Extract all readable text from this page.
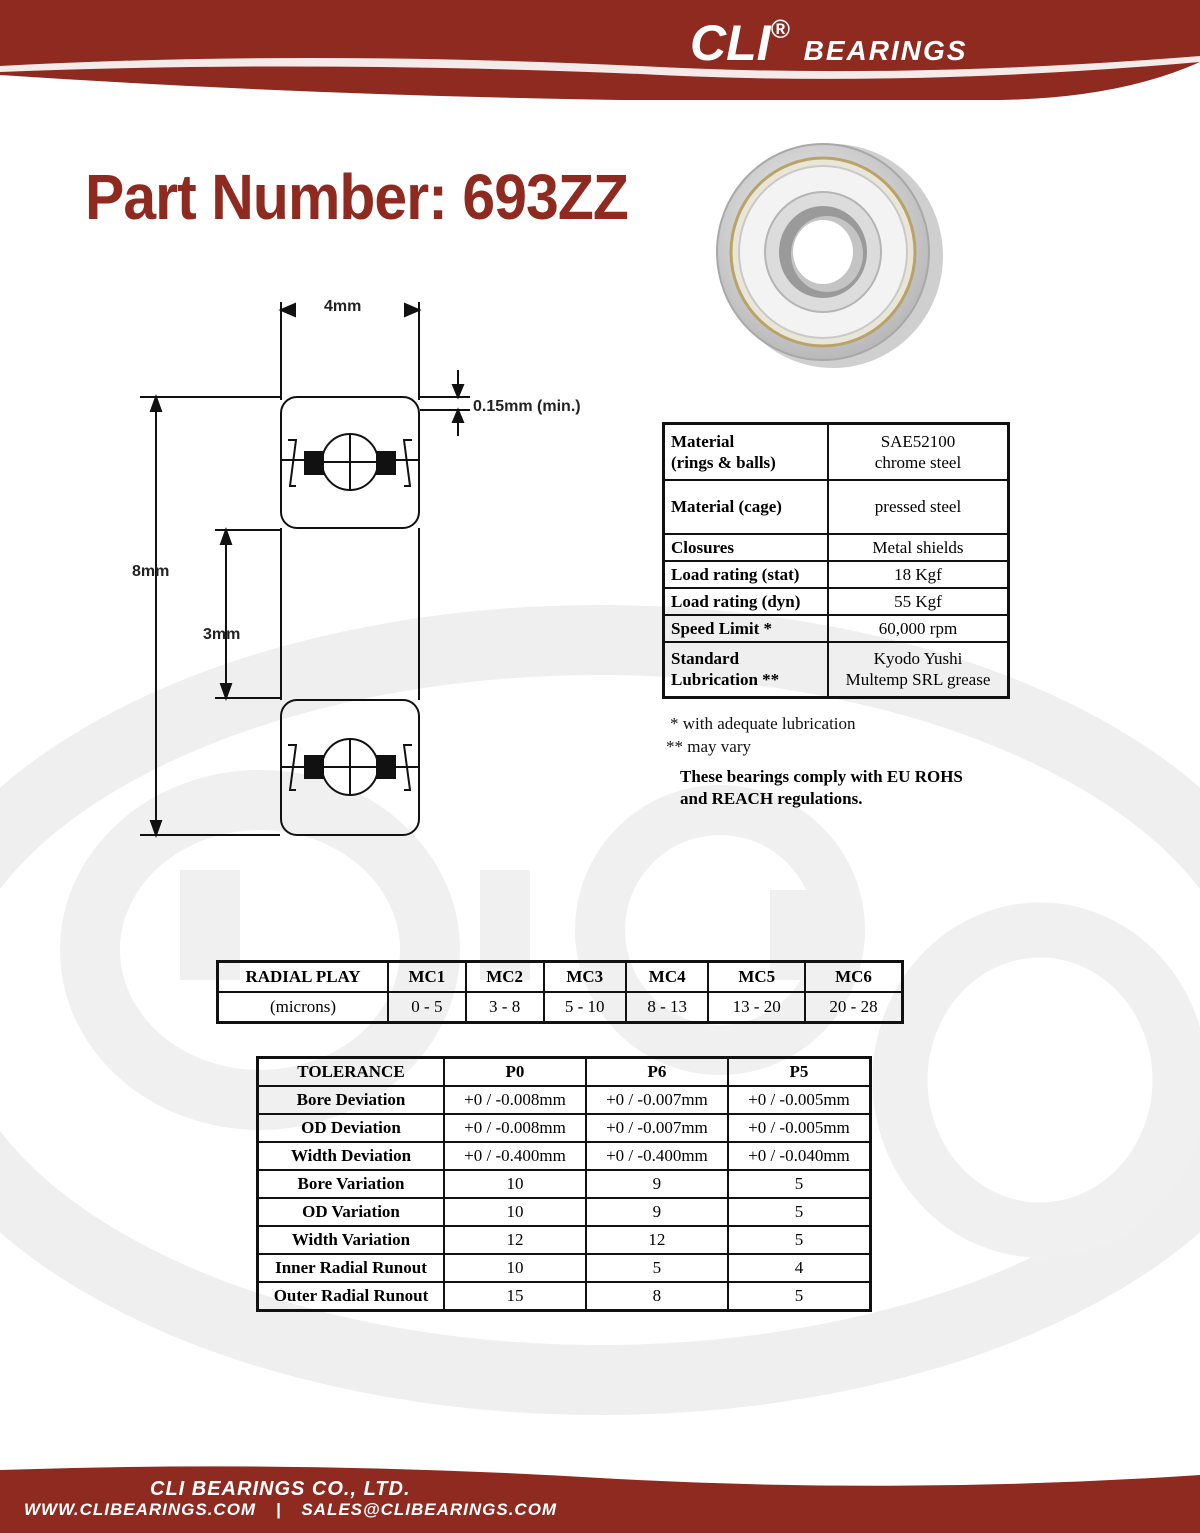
CLI® BEARINGS
Part Number: 693ZZ
4mm
0.15mm (min.)
8mm
3mm
Material
(rings & balls)	SAE52100
chrome steel
Material (cage)	pressed steel
Closures	Metal shields
Load rating (stat)	18 Kgf
Load rating (dyn)	55 Kgf
Speed Limit *	60,000 rpm
Standard
Lubrication **	Kyodo Yushi
Multemp SRL grease
* with adequate lubrication
** may vary
These bearings comply with EU ROHS
and REACH regulations.
RADIAL PLAY	MC1	MC2	MC3	MC4	MC5	MC6
(microns)	0 - 5	3 - 8	5 - 10	8 - 13	13 - 20	20 - 28
TOLERANCE	P0	P6	P5
Bore Deviation	+0 / -0.008mm	+0 / -0.007mm	+0 / -0.005mm
OD Deviation	+0 / -0.008mm	+0 / -0.007mm	+0 / -0.005mm
Width Deviation	+0 / -0.400mm	+0 / -0.400mm	+0 / -0.040mm
Bore Variation	10	9	5
OD Variation	10	9	5
Width Variation	12	12	5
Inner Radial Runout	10	5	4
Outer Radial Runout	15	8	5
CLI BEARINGS CO., LTD.
WWW.CLIBEARINGS.COM | SALES@CLIBEARINGS.COM
